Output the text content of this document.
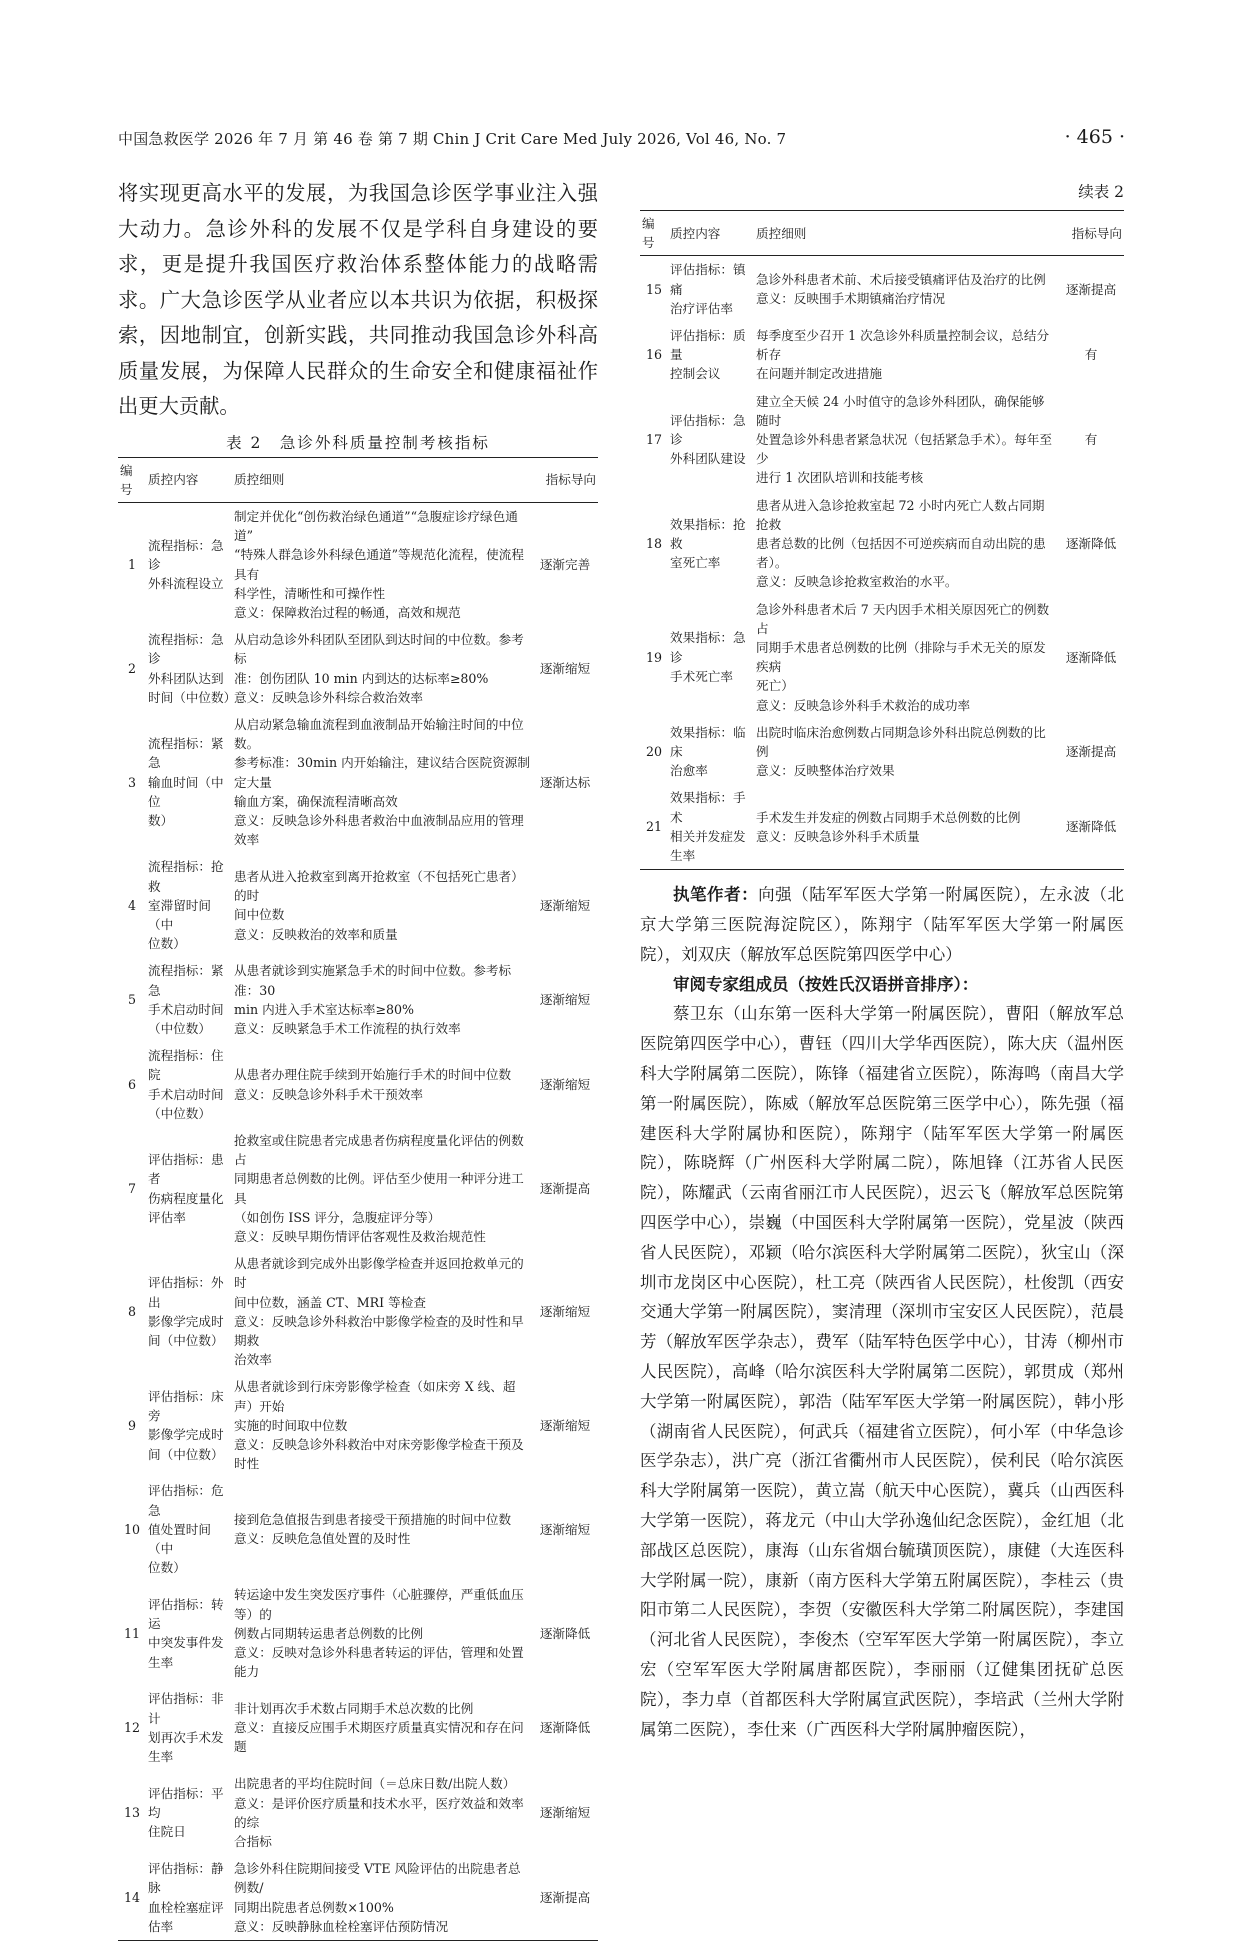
中国急救医学 2026 年 7 月 第 46 卷 第 7 期 Chin J Crit Care Med July 2026, Vol 46, No. 7	· 465 ·

将实现更高水平的发展，为我国急诊医学事业注入强大动力。急诊外科的发展不仅是学科自身建设的要求，更是提升我国医疗救治体系整体能力的战略需求。广大急诊医学从业者应以本共识为依据，积极探索，因地制宜，创新实践，共同推动我国急诊外科高质量发展，为保障人民群众的生命安全和健康福祉作出更大贡献。

表 2　急诊外科质量控制考核指标
编号	质控内容	质控细则	指标导向
1	流程指标：急诊
外科流程设立	制定并优化“创伤救治绿色通道”“急腹症诊疗绿色通道”
“特殊人群急诊外科绿色通道”等规范化流程，使流程具有
科学性，清晰性和可操作性
意义：保障救治过程的畅通，高效和规范	逐渐完善
2	流程指标：急诊
外科团队达到
时间（中位数）	从启动急诊外科团队至团队到达时间的中位数。参考标
准：创伤团队 10 min 内到达的达标率≥80%
意义：反映急诊外科综合救治效率	逐渐缩短
3	流程指标：紧急
输血时间（中位
数）	从启动紧急输血流程到血液制品开始输注时间的中位数。
参考标准：30min 内开始输注，建议结合医院资源制定大量
输血方案，确保流程清晰高效
意义：反映急诊外科患者救治中血液制品应用的管理效率	逐渐达标
4	流程指标：抢救
室滞留时间（中
位数）	患者从进入抢救室到离开抢救室（不包括死亡患者）的时
间中位数
意义：反映救治的效率和质量	逐渐缩短
5	流程指标：紧急
手术启动时间
（中位数）	从患者就诊到实施紧急手术的时间中位数。参考标准：30
min 内进入手术室达标率≥80%
意义：反映紧急手术工作流程的执行效率	逐渐缩短
6	流程指标：住院
手术启动时间
（中位数）	从患者办理住院手续到开始施行手术的时间中位数
意义：反映急诊外科手术干预效率	逐渐缩短
7	评估指标：患者
伤病程度量化
评估率	抢救室或住院患者完成患者伤病程度量化评估的例数占
同期患者总例数的比例。评估至少使用一种评分进工具
（如创伤 ISS 评分，急腹症评分等）
意义：反映早期伤情评估客观性及救治规范性	逐渐提高
8	评估指标：外出
影像学完成时
间（中位数）	从患者就诊到完成外出影像学检查并返回抢救单元的时
间中位数，涵盖 CT、MRI 等检查
意义：反映急诊外科救治中影像学检查的及时性和早期救
治效率	逐渐缩短
9	评估指标：床旁
影像学完成时
间（中位数）	从患者就诊到行床旁影像学检查（如床旁 X 线、超声）开始
实施的时间取中位数
意义：反映急诊外科救治中对床旁影像学检查干预及时性	逐渐缩短
10	评估指标：危急
值处置时间（中
位数）	接到危急值报告到患者接受干预措施的时间中位数
意义：反映危急值处置的及时性	逐渐缩短
11	评估指标：转运
中突发事件发
生率	转运途中发生突发医疗事件（心脏骤停，严重低血压等）的
例数占同期转运患者总例数的比例
意义：反映对急诊外科患者转运的评估，管理和处置能力	逐渐降低
12	评估指标：非计
划再次手术发
生率	非计划再次手术数占同期手术总次数的比例
意义：直接反应围手术期医疗质量真实情况和存在问题	逐渐降低
13	评估指标：平均
住院日	出院患者的平均住院时间（＝总床日数/出院人数）
意义：是评价医疗质量和技术水平，医疗效益和效率的综
合指标	逐渐缩短
14	评估指标：静脉
血栓栓塞症评
估率	急诊外科住院期间接受 VTE 风险评估的出院患者总例数/
同期出院患者总例数×100%
意义：反映静脉血栓栓塞评估预防情况	逐渐提高
续表 2
编号	质控内容	质控细则	指标导向
15	评估指标：镇痛
治疗评估率	急诊外科患者术前、术后接受镇痛评估及治疗的比例
意义：反映围手术期镇痛治疗情况	逐渐提高
16	评估指标：质量
控制会议	每季度至少召开 1 次急诊外科质量控制会议，总结分析存
在问题并制定改进措施	有
17	评估指标：急诊
外科团队建设	建立全天候 24 小时值守的急诊外科团队，确保能够随时
处置急诊外科患者紧急状况（包括紧急手术）。每年至少
进行 1 次团队培训和技能考核	有
18	效果指标：抢救
室死亡率	患者从进入急诊抢救室起 72 小时内死亡人数占同期抢救
患者总数的比例（包括因不可逆疾病而自动出院的患者）。
意义：反映急诊抢救室救治的水平。	逐渐降低
19	效果指标：急诊
手术死亡率	急诊外科患者术后 7 天内因手术相关原因死亡的例数占
同期手术患者总例数的比例（排除与手术无关的原发疾病
死亡）
意义：反映急诊外科手术救治的成功率	逐渐降低
20	效果指标：临床
治愈率	出院时临床治愈例数占同期急诊外科出院总例数的比例
意义：反映整体治疗效果	逐渐提高
21	效果指标：手术
相关并发症发
生率	手术发生并发症的例数占同期手术总例数的比例
意义：反映急诊外科手术质量	逐渐降低

执笔作者：向强（陆军军医大学第一附属医院），左永波（北京大学第三医院海淀院区），陈翔宇（陆军军医大学第一附属医院），刘双庆（解放军总医院第四医学中心）

审阅专家组成员（按姓氏汉语拼音排序）：

蔡卫东（山东第一医科大学第一附属医院），曹阳（解放军总医院第四医学中心），曹钰（四川大学华西医院），陈大庆（温州医科大学附属第二医院），陈锋（福建省立医院），陈海鸣（南昌大学第一附属医院），陈威（解放军总医院第三医学中心），陈先强（福建医科大学附属协和医院），陈翔宇（陆军军医大学第一附属医院），陈晓辉（广州医科大学附属二院），陈旭锋（江苏省人民医院），陈耀武（云南省丽江市人民医院），迟云飞（解放军总医院第四医学中心），崇巍（中国医科大学附属第一医院），党星波（陕西省人民医院），邓颖（哈尔滨医科大学附属第二医院），狄宝山（深圳市龙岗区中心医院），杜工亮（陕西省人民医院），杜俊凯（西安交通大学第一附属医院），窦清理（深圳市宝安区人民医院），范晨芳（解放军医学杂志），费军（陆军特色医学中心），甘涛（柳州市人民医院），高峰（哈尔滨医科大学附属第二医院），郭贯成（郑州大学第一附属医院），郭浩（陆军军医大学第一附属医院），韩小彤（湖南省人民医院），何武兵（福建省立医院），何小军（中华急诊医学杂志），洪广亮（浙江省衢州市人民医院），侯利民（哈尔滨医科大学附属第一医院），黄立嵩（航天中心医院），冀兵（山西医科大学第一医院），蒋龙元（中山大学孙逸仙纪念医院），金红旭（北部战区总医院），康海（山东省烟台毓璜顶医院），康健（大连医科大学附属一院），康新（南方医科大学第五附属医院），李桂云（贵阳市第二人民医院），李贺（安徽医科大学第二附属医院），李建国（河北省人民医院），李俊杰（空军军医大学第一附属医院），李立宏（空军军医大学附属唐都医院），李丽丽（辽健集团抚矿总医院），李力卓（首都医科大学附属宣武医院），李培武（兰州大学附属第二医院），李仕来（广西医科大学附属肿瘤医院），
